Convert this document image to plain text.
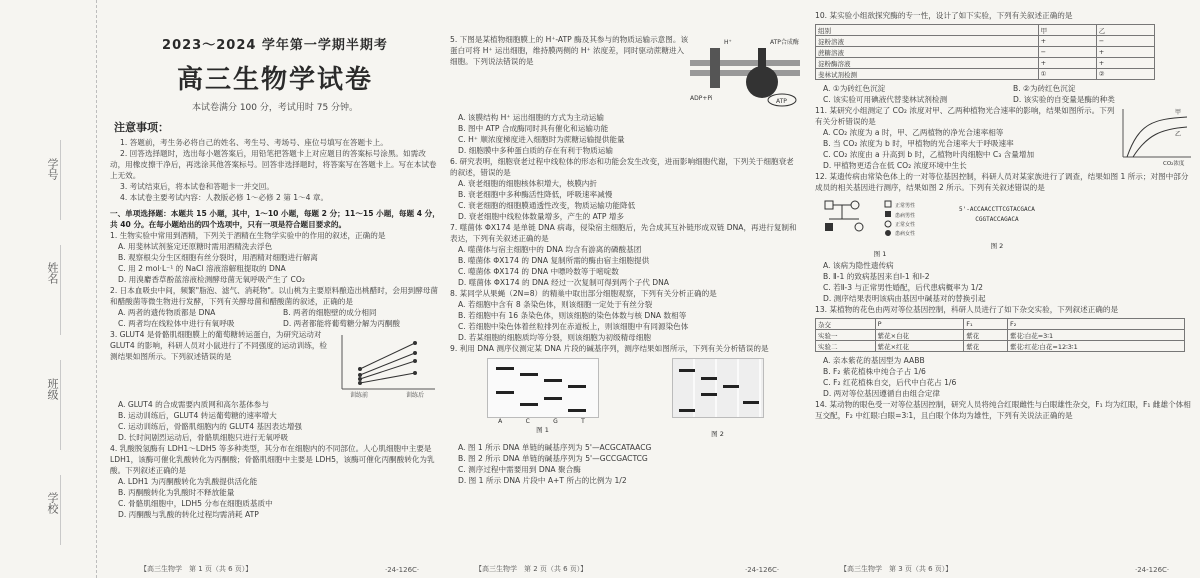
学号
姓名
班级
学校
2023～2024 学年第一学期半期考
高三生物学试卷
本试卷满分 100 分，考试用时 75 分钟。
注意事项：

1. 答题前，考生务必将自己的姓名、考生号、考场号、座位号填写在答题卡上。

2. 回答选择题时，选出每小题答案后，用铅笔把答题卡上对应题目的答案标号涂黑。如需改动，用橡皮擦干净后，再选涂其他答案标号。回答非选择题时，将答案写在答题卡上。写在本试卷上无效。

3. 考试结束后，将本试卷和答题卡一并交回。

4. 本试卷主要考试内容：人教版必修 1～必修 2 第 1～4 章。

一、单项选择题：本题共 15 小题，其中，1～10 小题，每题 2 分；11～15 小题，每题 4 分，共 40 分。在每小题给出的四个选项中，只有一项是符合题目要求的。

1. 生物实验中常用到酒精，下列关于酒精在生物学实验中的作用的叙述，正确的是

A. 用斐林试剂鉴定还原糖时需用酒精洗去浮色
B. 观察根尖分生区细胞有丝分裂时，用酒精对细胞进行解离
C. 用 2 mol·L⁻¹ 的 NaCl 溶液溶解粗提取的 DNA
D. 用溴麝香草酚蓝溶液检测酵母菌无氧呼吸产生了 CO₂

2. 日本血吸虫中间，频繁"脂泡、滤气、消耗物"。以山桃为主要原料酿造出桃醋时，会用到酵母菌和醋酸菌等微生物进行发酵，下列有关酵母菌和醋酸菌的叙述，正确的是

A. 两者的遗传物质都是 DNA	B. 两者的细胞壁的成分相同
C. 两者均在线粒体中进行有氧呼吸	D. 两者都能将葡萄糖分解为丙酮酸

3. GLUT4 是骨骼肌细胞膜上的葡萄糖转运蛋白，为研究运动对 GLUT4 的影响，科研人员对小鼠进行了不同强度的运动训练，检测结果如图所示。下列叙述错误的是

训练前	训练后
A. GLUT4 的合成需要内质网和高尔基体参与
B. 运动训练后，GLUT4 转运葡萄糖的速率增大
C. 运动训练后，骨骼肌细胞内的 GLUT4 基因表达增强
D. 长时间剧烈运动后，骨骼肌细胞只进行无氧呼吸

4. 乳酸脱氢酶有 LDH1～LDH5 等多种类型，其分布在细胞内的不同部位。人心肌细胞中主要是 LDH1，该酶可催化乳酸转化为丙酮酸；骨骼肌细胞中主要是 LDH5，该酶可催化丙酮酸转化为乳酸。下列叙述正确的是

A. LDH1 为丙酮酸转化为乳酸提供活化能
B. 丙酮酸转化为乳酸时不释放能量
C. 骨骼肌细胞中，LDH5 分布在细胞质基质中
D. 丙酮酸与乳酸的转化过程均需消耗 ATP
【高三生物学　第 1 页（共 6 页）】	·24-126C·

5. 下图是某植物细胞膜上的 H⁺-ATP 酶及其参与的物质运输示意图。该蛋白可将 H⁺ 运出细胞，维持膜两侧的 H⁺ 浓度差，同时驱动蔗糖进入细胞。下列说法错误的是

ADP+Pi	ATP
H⁺	ATP合成酶
A. 该膜结构 H⁺ 运出细胞的方式为主动运输
B. 图中 ATP 合成酶同时具有催化和运输功能
C. H⁺ 顺浓度梯度进入细胞时为蔗糖运输提供能量
D. 细胞膜中多种蛋白质的存在有利于物质运输

6. 研究表明，细胞衰老过程中线粒体的形态和功能会发生改变，进而影响细胞代谢，下列关于细胞衰老的叙述，错误的是

A. 衰老细胞的细胞核体积增大，核膜内折
B. 衰老细胞中多种酶活性降低，呼吸速率减慢
C. 衰老细胞的细胞膜通透性改变，物质运输功能降低
D. 衰老细胞中线粒体数量增多，产生的 ATP 增多

7. 噬菌体 ΦX174 是单链 DNA 病毒，侵染宿主细胞后，先合成其互补链形成双链 DNA，再进行复制和表达，下列有关叙述正确的是

A. 噬菌体与宿主细胞中的 DNA 均含有游离的磷酸基团
B. 噬菌体 ΦX174 的 DNA 复制所需的酶由宿主细胞提供
C. 噬菌体 ΦX174 的 DNA 中嘌呤数等于嘧啶数
D. 噬菌体 ΦX174 的 DNA 经过一次复制可得到两个子代 DNA

8. 某同学从果蝇（2N=8）的精巢中取出部分细胞观察，下列有关分析正确的是

A. 若细胞中含有 8 条染色体，则该细胞一定处于有丝分裂
B. 若细胞中有 16 条染色体，则该细胞的染色体数与核 DNA 数相等
C. 若细胞中染色体着丝粒排列在赤道板上，则该细胞中有同源染色体
D. 若某细胞的细胞质均等分裂，则该细胞为初级精母细胞

9. 利用 DNA 测序仪测定某 DNA 片段的碱基序列，测序结果如图所示，下列有关分析错误的是

A	C	G	T
图 1	图 2
A. 图 1 所示 DNA 单链的碱基序列为 5'—ACGCATAACG
B. 图 2 所示 DNA 单链的碱基序列为 5'—GCCGACTCG
C. 测序过程中需要用到 DNA 聚合酶
D. 图 1 所示 DNA 片段中 A+T 所占的比例为 1/2
【高三生物学　第 2 页（共 6 页）】	·24-126C·

10. 某实验小组欲探究酶的专一性，设计了如下实验，下列有关叙述正确的是

组别	甲	乙
淀粉溶液	+	−
蔗糖溶液	−	+
淀粉酶溶液	+	+
斐林试剂检测	①	②
A. ①为砖红色沉淀	B. ②为砖红色沉淀
C. 该实验可用碘液代替斐林试剂检测	D. 该实验的自变量是酶的种类

11. 某研究小组测定了 CO₂ 浓度对甲、乙两种植物光合速率的影响，结果如图所示。下列有关分析错误的是

A. CO₂ 浓度为 a 时，甲、乙两植物的净光合速率相等
B. 当 CO₂ 浓度为 b 时，甲植物的光合速率大于呼吸速率
C. CO₂ 浓度由 a 升高到 b 时，乙植物叶肉细胞中 C₃ 含量增加
D. 甲植物更适合在低 CO₂ 浓度环境中生长
甲
乙
CO₂浓度

12. 某遗传病由常染色体上的一对等位基因控制，科研人员对某家族进行了调查，结果如图 1 所示；对图中部分成员的相关基因进行测序，结果如图 2 所示。下列有关叙述错误的是

正常男性
患病男性
正常女性
患病女性
图 1
5'-ACCAACCTTCGTACGACA
CGGTACCAGACA
图 2
A. 该病为隐性遗传病
B. Ⅱ-1 的致病基因来自Ⅰ-1 和Ⅰ-2
C. 若Ⅱ-3 与正常男性婚配，后代患病概率为 1/2
D. 测序结果表明该病由基因中碱基对的替换引起

13. 某植物的花色由两对等位基因控制，科研人员进行了如下杂交实验，下列叙述正确的是

杂交	P	F₁	F₂
实验一	紫花×白花	紫花	紫花∶白花=3∶1
实验二	紫花×红花	紫花	紫花∶红花∶白花=12∶3∶1
A. 亲本紫花的基因型为 AABB
B. F₂ 紫花植株中纯合子占 1/6
C. F₂ 红花植株自交，后代中白花占 1/6
D. 两对等位基因遵循自由组合定律

14. 某动物的眼色受一对等位基因控制，研究人员将纯合红眼雌性与白眼雄性杂交，F₁ 均为红眼，F₁ 雌雄个体相互交配，F₂ 中红眼∶白眼=3∶1，且白眼个体均为雄性，下列有关说法正确的是

【高三生物学　第 3 页（共 6 页）】	·24-126C·
